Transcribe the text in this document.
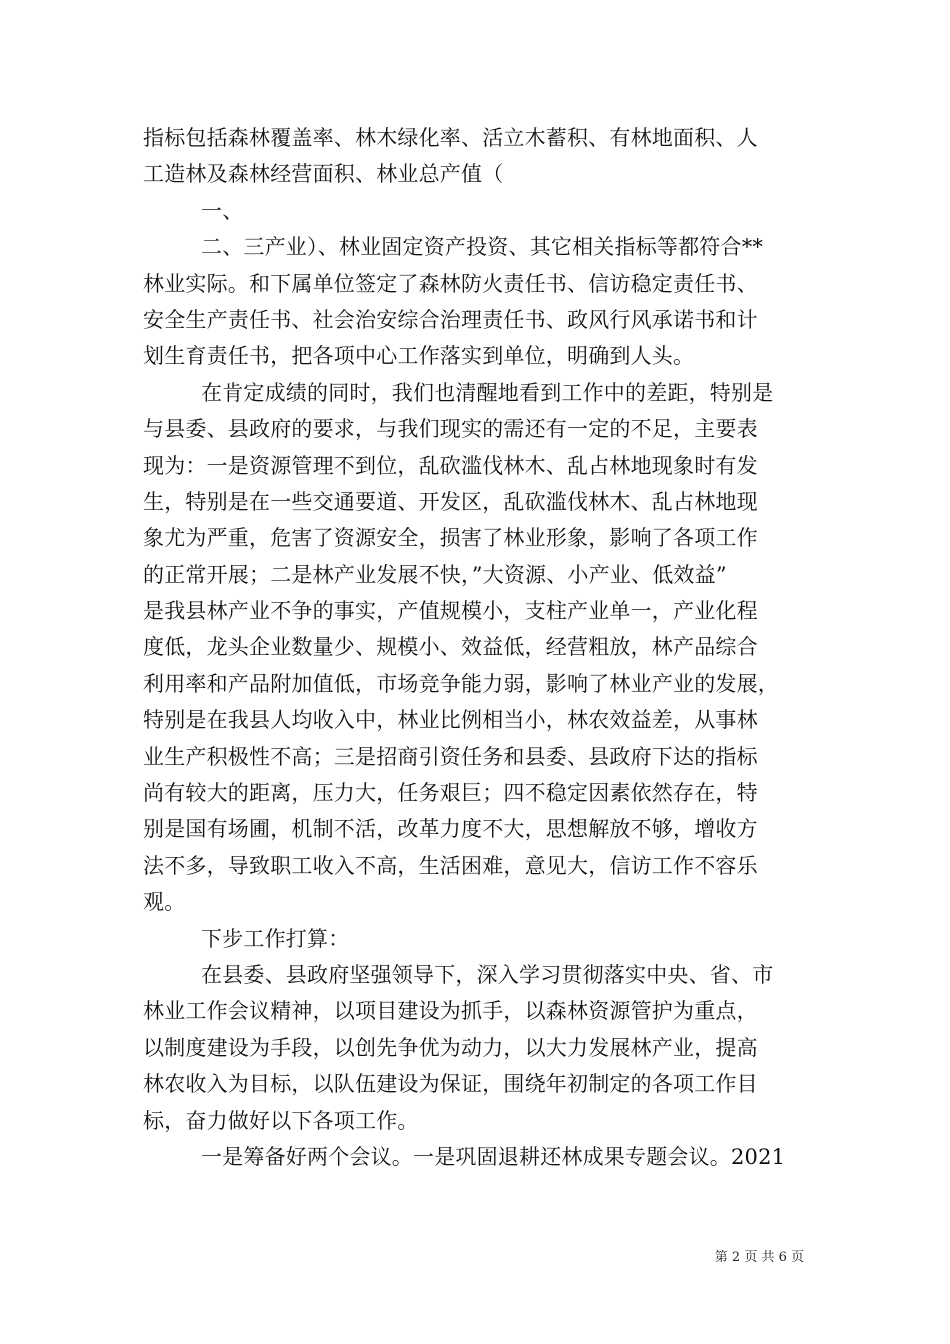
指标包括森林覆盖率、林木绿化率、活立木蓄积、有林地面积、人
工造林及森林经营面积、林业总产值（
一、
二、三产业）、林业固定资产投资、其它相关指标等都符合**
林业实际。和下属单位签定了森林防火责任书、信访稳定责任书、
安全生产责任书、社会治安综合治理责任书、政风行风承诺书和计
划生育责任书，把各项中心工作落实到单位，明确到人头。
在肯定成绩的同时，我们也清醒地看到工作中的差距，特别是
与县委、县政府的要求，与我们现实的需还有一定的不足，主要表
现为：一是资源管理不到位，乱砍滥伐林木、乱占林地现象时有发
生，特别是在一些交通要道、开发区，乱砍滥伐林木、乱占林地现
象尤为严重，危害了资源安全，损害了林业形象，影响了各项工作
的正常开展；二是林产业发展不快，”大资源、小产业、低效益”
是我县林产业不争的事实，产值规模小，支柱产业单一，产业化程
度低，龙头企业数量少、规模小、效益低，经营粗放，林产品综合
利用率和产品附加值低，市场竞争能力弱，影响了林业产业的发展，
特别是在我县人均收入中，林业比例相当小，林农效益差，从事林
业生产积极性不高；三是招商引资任务和县委、县政府下达的指标
尚有较大的距离，压力大，任务艰巨；四不稳定因素依然存在，特
别是国有场圃，机制不活，改革力度不大，思想解放不够，增收方
法不多，导致职工收入不高，生活困难，意见大，信访工作不容乐
观。
下步工作打算：
在县委、县政府坚强领导下，深入学习贯彻落实中央、省、市
林业工作会议精神，以项目建设为抓手，以森林资源管护为重点，
以制度建设为手段，以创先争优为动力，以大力发展林产业，提高
林农收入为目标，以队伍建设为保证，围绕年初制定的各项工作目
标，奋力做好以下各项工作。
一是筹备好两个会议。一是巩固退耕还林成果专题会议。2021
第 2 页 共 6 页
